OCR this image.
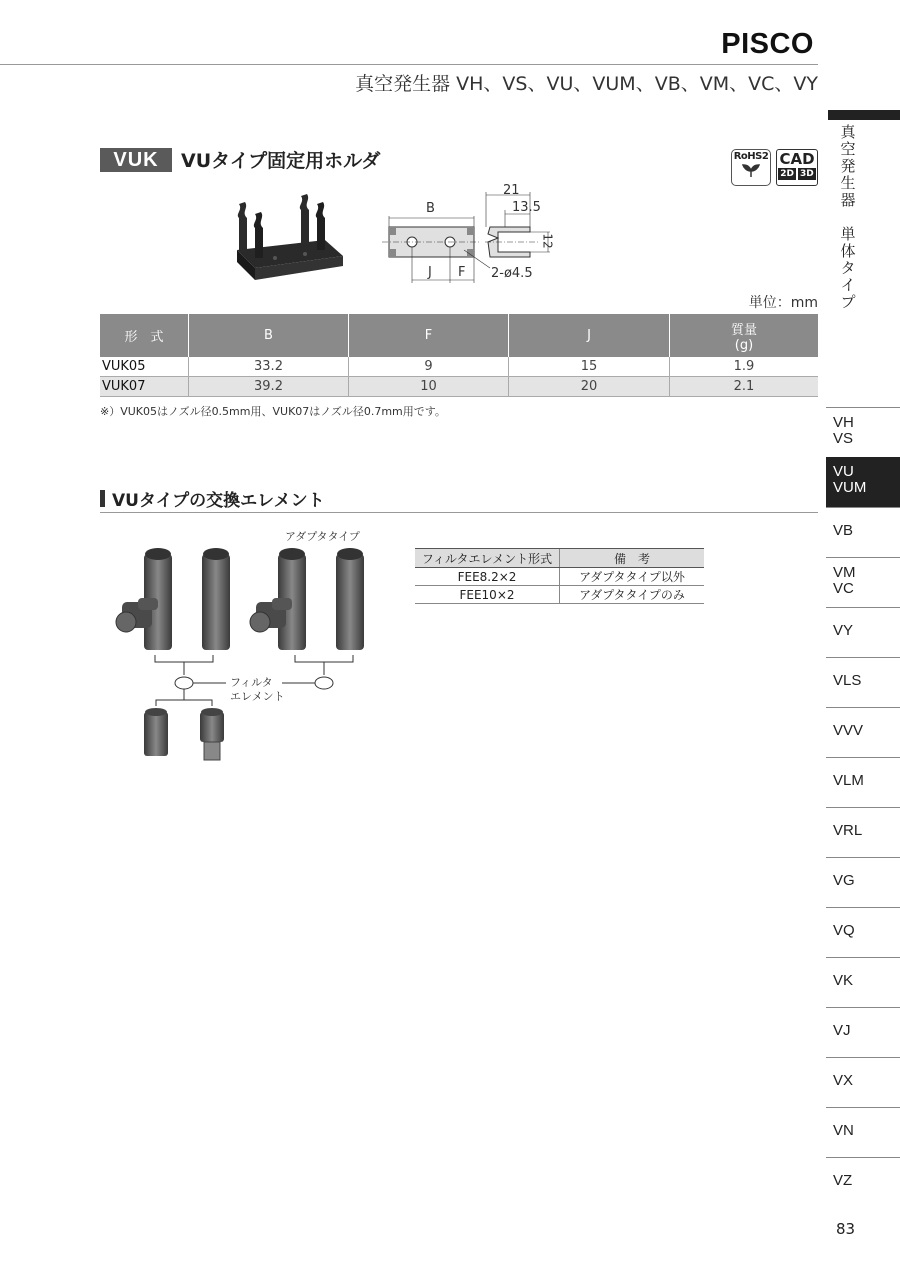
PISCO
真空発生器 VH、VS、VU、VUM、VB、VM、VC、VY
VUK	VUタイプ固定用ホルダ	RoHS2 CAD
2D 3D
21
13.5
B
12
J F 2-ø4.5
単位：mm
形　式	B	F	J	質量
(g)

VUK05	33.2	9	15	1.9
VUK07	39.2	10	20	2.1
※）VUK05はノズル径0.5mm用、VUK07はノズル径0.7mm用です。
VUタイプの交換エレメント
アダプタタイプ
フィルタ
エレメント
フィルタエレメント形式	備　考
FEE8.2×2	アダプタタイプ以外
FEE10×2	アダプタタイプのみ
真
空
発
生
器

単
体
タ
イ
プ
VH
VS
VU
VUM
VB
VM
VC
VY
VLS
VVV
VLM
VRL
VG
VQ
VK
VJ
VX
VN
VZ
83
